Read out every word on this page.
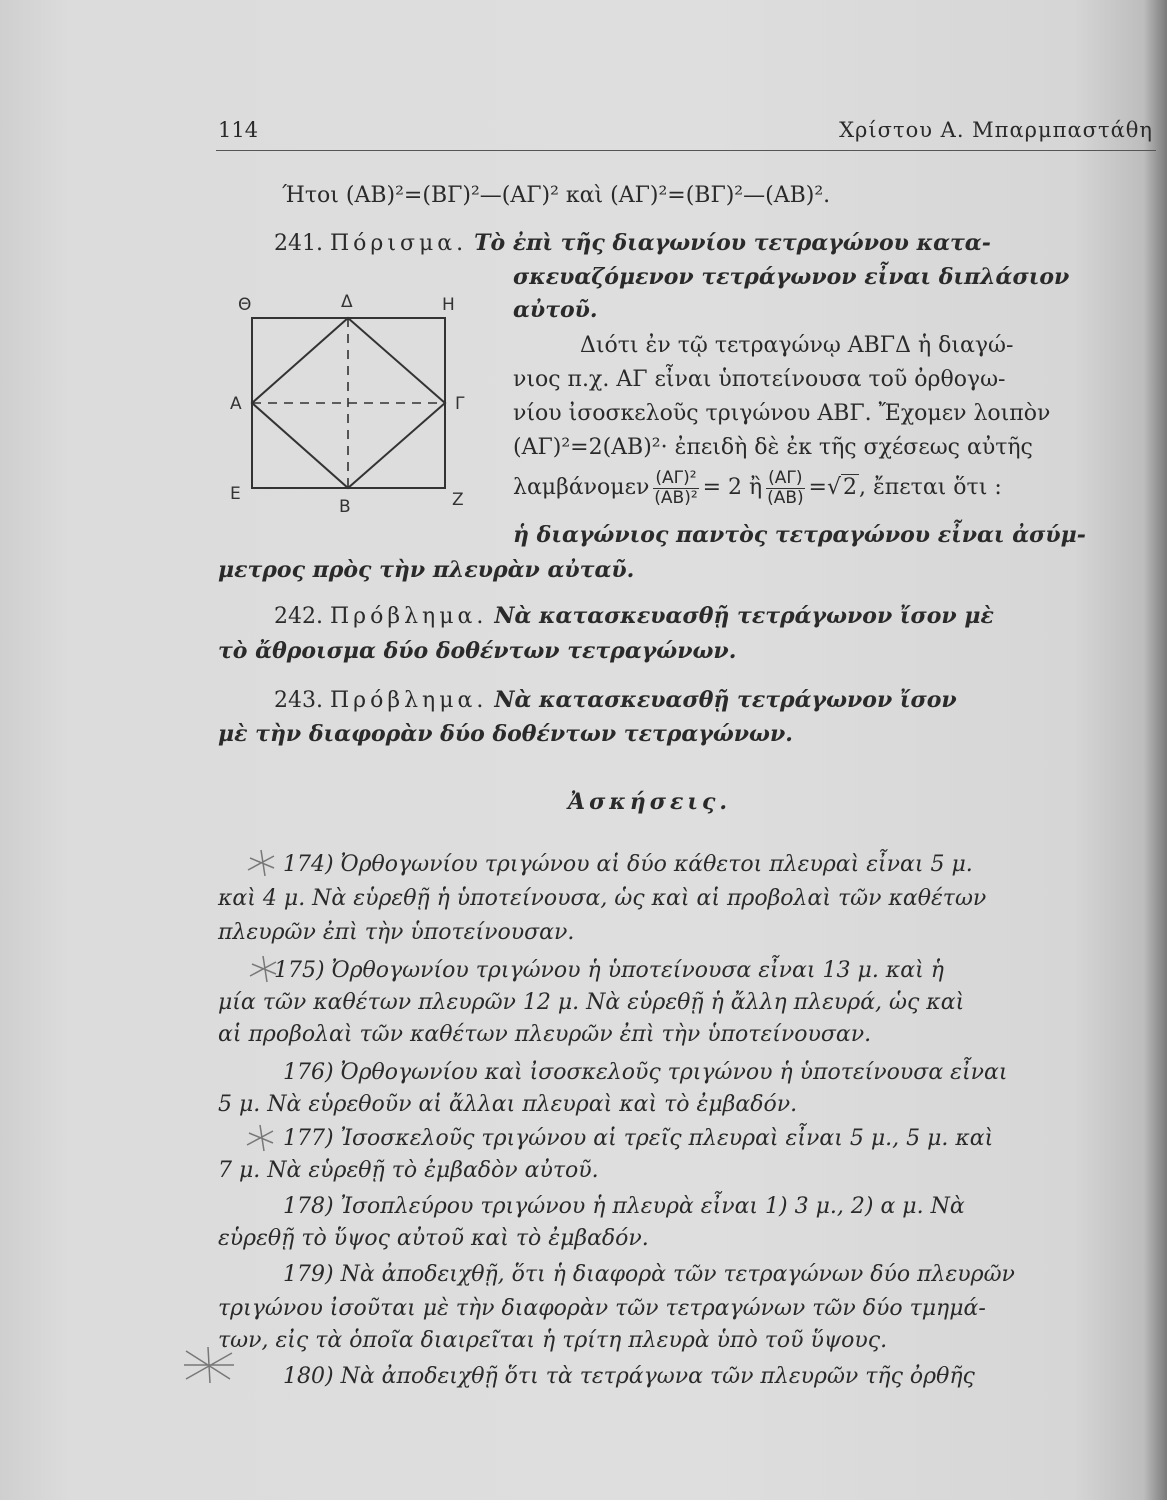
114	Χρίστου Α. Μπαρμπαστάθη
Ήτοι (ΑΒ)²=(ΒΓ)²—(ΑΓ)² καὶ (ΑΓ)²=(ΒΓ)²—(ΑΒ)².
241. Πόρισμα. Τὸ ἐπὶ τῆς διαγωνίου τετραγώνου κατα-
σκευαζόμενον τετράγωνον εἶναι διπλάσιον
αὐτοῦ.
Διότι ἐν τῷ τετραγώνῳ ΑΒΓΔ ἡ διαγώ-
νιος π.χ. ΑΓ εἶναι ὑποτείνουσα τοῦ ὀρθογω-
νίου ἰσοσκελοῦς τριγώνου ΑΒΓ. Ἔχομεν λοιπὸν
(ΑΓ)²=2(ΑΒ)²· ἐπειδὴ δὲ ἐκ τῆς σχέσεως αὐτῆς
λαμβάνομεν $\frac{\text{(ΑΓ)²}}{\text{(ΑΒ)²}} = 2$ ἢ $\frac{(A\Gamma)}{(AB)} =√2$, ἔπεται ὅτι :
ἡ διαγώνιος παντὸς τετραγώνου εἶναι ἀσύμ-
μετρος πρὸς τὴν πλευρὰν αὐταῦ.
Θ	Δ	Η
Α	Γ
Ε
Β	Ζ
242. Πρόβλημα. Νὰ κατασκευασθῇ τετράγωνον ἴσον μὲ
τὸ ἄθροισμα δύο δοθέντων τετραγώνων.
243. Πρόβλημα. Νὰ κατασκευασθῇ τετράγωνον ἴσον
μὲ τὴν διαφορὰν δύο δοθέντων τετραγώνων.
Ἀσκήσεις.
174) Ὀρθογωνίου τριγώνου αἱ δύο κάθετοι πλευραὶ εἶναι 5 μ.
καὶ 4 μ. Νὰ εὑρεθῇ ἡ ὑποτείνουσα, ὡς καὶ αἱ προβολαὶ τῶν καθέτων
πλευρῶν ἐπὶ τὴν ὑποτείνουσαν.
175) Ὀρθογωνίου τριγώνου ἡ ὑποτείνουσα εἶναι 13 μ. καὶ ἡ
μία τῶν καθέτων πλευρῶν 12 μ. Νὰ εὑρεθῇ ἡ ἄλλη πλευρά, ὡς καὶ
αἱ προβολαὶ τῶν καθέτων πλευρῶν ἐπὶ τὴν ὑποτείνουσαν.
176) Ὀρθογωνίου καὶ ἰσοσκελοῦς τριγώνου ἡ ὑποτείνουσα εἶναι
5 μ. Νὰ εὑρεθοῦν αἱ ἄλλαι πλευραὶ καὶ τὸ ἐμβαδόν.
177) Ἰσοσκελοῦς τριγώνου αἱ τρεῖς πλευραὶ εἶναι 5 μ., 5 μ. καὶ
7 μ. Νὰ εὑρεθῇ τὸ ἐμβαδὸν αὐτοῦ.
178) Ἰσοπλεύρου τριγώνου ἡ πλευρὰ εἶναι 1) 3 μ., 2) α μ. Νὰ
εὑρεθῇ τὸ ὕψος αὐτοῦ καὶ τὸ ἐμβαδόν.
179) Νὰ ἀποδειχθῇ, ὅτι ἡ διαφορὰ τῶν τετραγώνων δύο πλευρῶν
τριγώνου ἰσοῦται μὲ τὴν διαφορὰν τῶν τετραγώνων τῶν δύο τμημά-
των, εἰς τὰ ὁποῖα διαιρεῖται ἡ τρίτη πλευρὰ ὑπὸ τοῦ ὕψους.
180) Νὰ ἀποδειχθῇ ὅτι τὰ τετράγωνα τῶν πλευρῶν τῆς ὀρθῆς
